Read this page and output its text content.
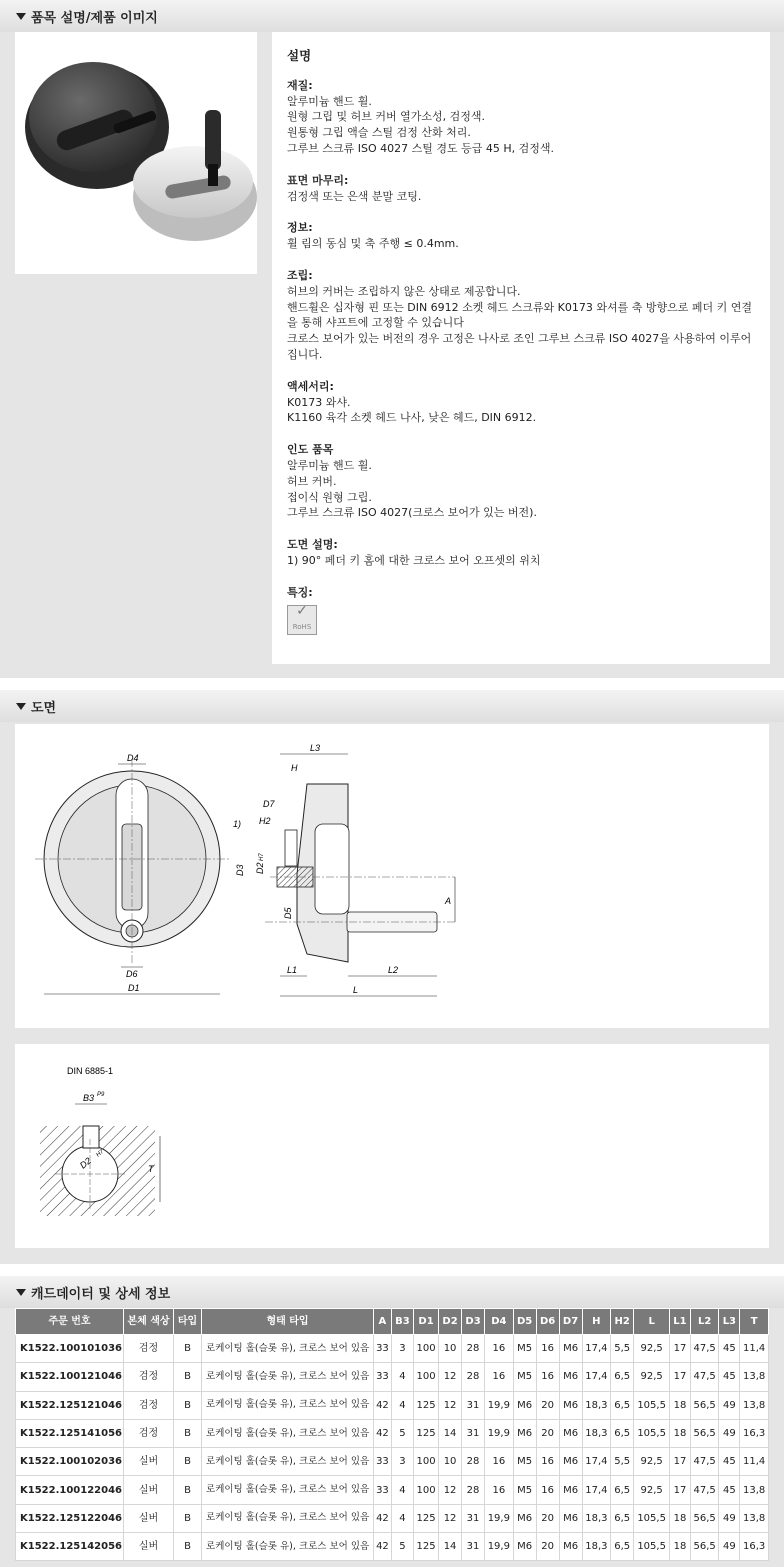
품목 설명/제품 이미지
설명
재질:
알루미늄 핸드 휠.
원형 그립 및 허브 커버 열가소성, 검정색.
원통형 그립 액슬 스틸 검정 산화 처리.
그루브 스크류 ISO 4027 스틸 경도 등급 45 H, 검정색.
표면 마무리:
검정색 또는 은색 분말 코팅.
정보:
휠 림의 동심 및 축 주행 ≤ 0.4mm.
조립:
허브의 커버는 조립하지 않은 상태로 제공합니다.
핸드휠은 십자형 핀 또는 DIN 6912 소켓 헤드 스크류와 K0173 와셔를 축 방향으로 페더 키 연결을 통해 샤프트에 고정할 수 있습니다
크로스 보어가 있는 버전의 경우 고정은 나사로 조인 그루브 스크류 ISO 4027을 사용하여 이루어집니다.
액세서리:
K0173 와샤.
K1160 육각 소켓 헤드 나사, 낮은 헤드, DIN 6912.
인도 품목
알루미늄 핸드 휠.
허브 커버.
접이식 원형 그립.
그루브 스크류 ISO 4027(크로스 보어가 있는 버전).
도면 설명:
1) 90° 페더 키 홈에 대한 크로스 보어 오프셋의 위치
특징:
✓
RoHS
도면
D4
D6
D1
L3
H
D7
H2
1)
D3 D2
H7
D5
A
L1	L2
L
DIN 6885-1
B3 P9
D2
H7
T
캐드데이터 및 상세 정보
주문 번호	본체 색상	타입	형태 타입	A	B3	D1	D2	D3	D4	D5	D6	D7	H	H2	L	L1	L2	L3	T
K1522.100101036	검정	B	로케이팅 홀(슬롯 유), 크로스 보어 있음	33	3	100	10	28	16	M5	16	M6	17,4	5,5	92,5	17	47,5	45	11,4
K1522.100121046	검정	B	로케이팅 홀(슬롯 유), 크로스 보어 있음	33	4	100	12	28	16	M5	16	M6	17,4	6,5	92,5	17	47,5	45	13,8
K1522.125121046	검정	B	로케이팅 홀(슬롯 유), 크로스 보어 있음	42	4	125	12	31	19,9	M6	20	M6	18,3	6,5	105,5	18	56,5	49	13,8
K1522.125141056	검정	B	로케이팅 홀(슬롯 유), 크로스 보어 있음	42	5	125	14	31	19,9	M6	20	M6	18,3	6,5	105,5	18	56,5	49	16,3
K1522.100102036	실버	B	로케이팅 홀(슬롯 유), 크로스 보어 있음	33	3	100	10	28	16	M5	16	M6	17,4	5,5	92,5	17	47,5	45	11,4
K1522.100122046	실버	B	로케이팅 홀(슬롯 유), 크로스 보어 있음	33	4	100	12	28	16	M5	16	M6	17,4	6,5	92,5	17	47,5	45	13,8
K1522.125122046	실버	B	로케이팅 홀(슬롯 유), 크로스 보어 있음	42	4	125	12	31	19,9	M6	20	M6	18,3	6,5	105,5	18	56,5	49	13,8
K1522.125142056	실버	B	로케이팅 홀(슬롯 유), 크로스 보어 있음	42	5	125	14	31	19,9	M6	20	M6	18,3	6,5	105,5	18	56,5	49	16,3
